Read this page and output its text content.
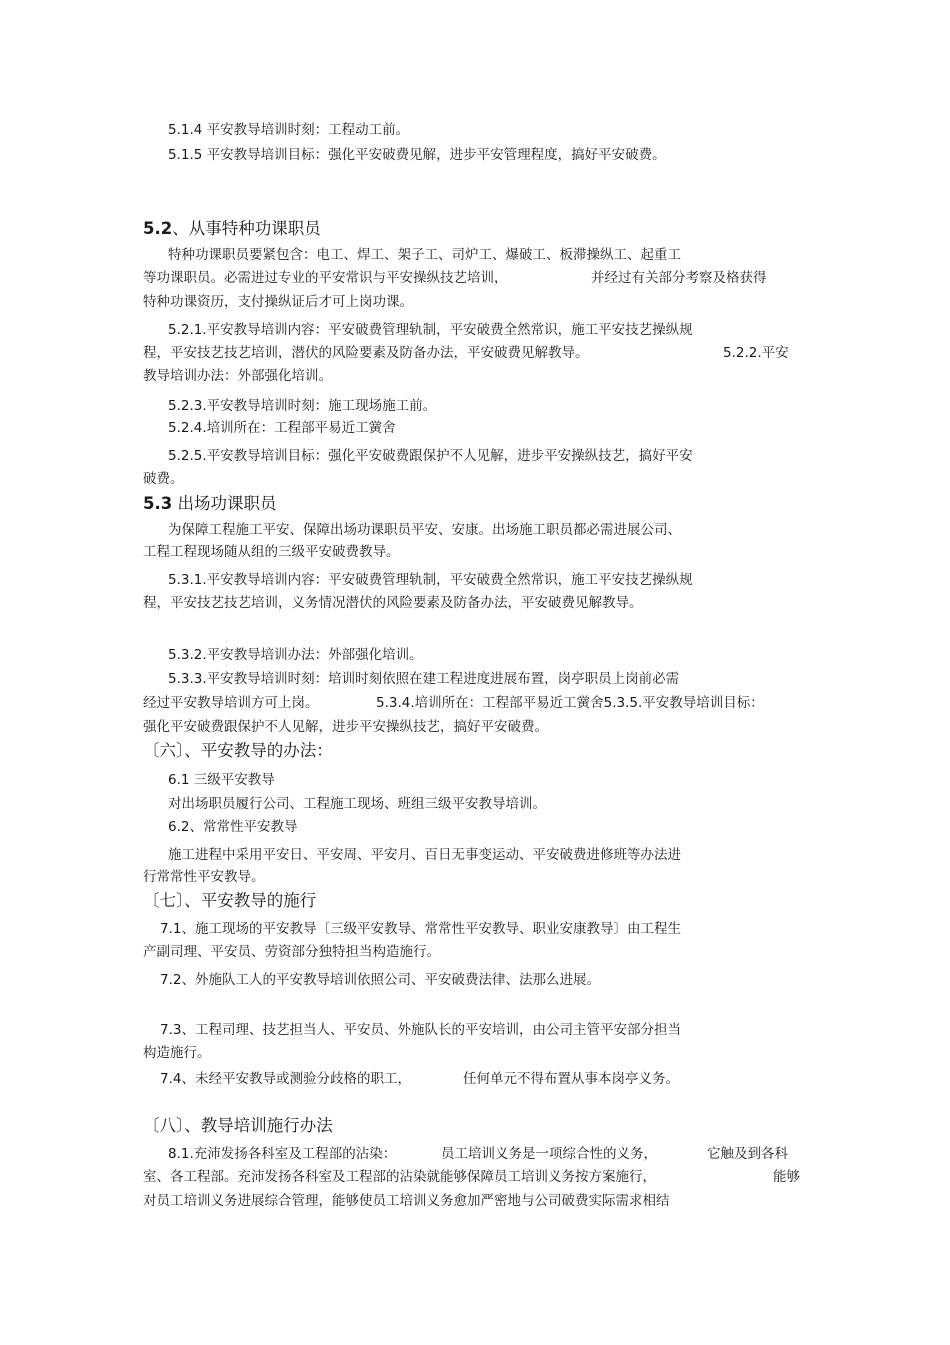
5.1.4 平安教导培训时刻：工程动工前。
5.1.5 平安教导培训目标：强化平安破费见解，进步平安管理程度，搞好平安破费。
5.2、从事特种功课职员
特种功课职员要紧包含：电工、焊工、架子工、司炉工、爆破工、板滞操纵工、起重工
等功课职员。必需进过专业的平安常识与平安操纵技艺培训，	并经过有关部分考察及格获得
特种功课资历，支付操纵证后才可上岗功课。
5.2.1.平安教导培训内容：平安破费管理轨制，平安破费全然常识，施工平安技艺操纵规
程，平安技艺技艺培训，潜伏的风险要素及防备办法，平安破费见解教导。	5.2.2.平安
教导培训办法：外部强化培训。
5.2.3.平安教导培训时刻：施工现场施工前。
5.2.4.培训所在：工程部平易近工黉舍
5.2.5.平安教导培训目标：强化平安破费跟保护不人见解，进步平安操纵技艺，搞好平安
破费。
5.3 出场功课职员
为保障工程施工平安、保障出场功课职员平安、安康。出场施工职员都必需进展公司、
工程工程现场随从组的三级平安破费教导。
5.3.1.平安教导培训内容：平安破费管理轨制，平安破费全然常识，施工平安技艺操纵规
程，平安技艺技艺培训，义务情况潜伏的风险要素及防备办法，平安破费见解教导。
5.3.2.平安教导培训办法：外部强化培训。
5.3.3.平安教导培训时刻：培训时刻依照在建工程进度进展布置，岗亭职员上岗前必需
经过平安教导培训方可上岗。	5.3.4.培训所在：工程部平易近工黉舍5.3.5.平安教导培训目标：
强化平安破费跟保护不人见解，进步平安操纵技艺，搞好平安破费。
〔六〕、平安教导的办法：
6.1 三级平安教导
对出场职员履行公司、工程施工现场、班组三级平安教导培训。
6.2、常常性平安教导
施工进程中采用平安日、平安周、平安月、百日无事变运动、平安破费进修班等办法进
行常常性平安教导。
〔七〕、平安教导的施行
7.1、施工现场的平安教导〔三级平安教导、常常性平安教导、职业安康教导〕由工程生
产副司理、平安员、劳资部分独特担当构造施行。
7.2、外施队工人的平安教导培训依照公司、平安破费法律、法那么进展。
7.3、工程司理、技艺担当人、平安员、外施队长的平安培训，由公司主管平安部分担当
构造施行。
7.4、未经平安教导或测验分歧格的职工，	任何单元不得布置从事本岗亭义务。
〔八〕、教导培训施行办法
8.1.充沛发扬各科室及工程部的沾染：	员工培训义务是一项综合性的义务，	它触及到各科
室、各工程部。充沛发扬各科室及工程部的沾染就能够保障员工培训义务按方案施行，	能够
对员工培训义务进展综合管理，能够使员工培训义务愈加严密地与公司破费实际需求相结
